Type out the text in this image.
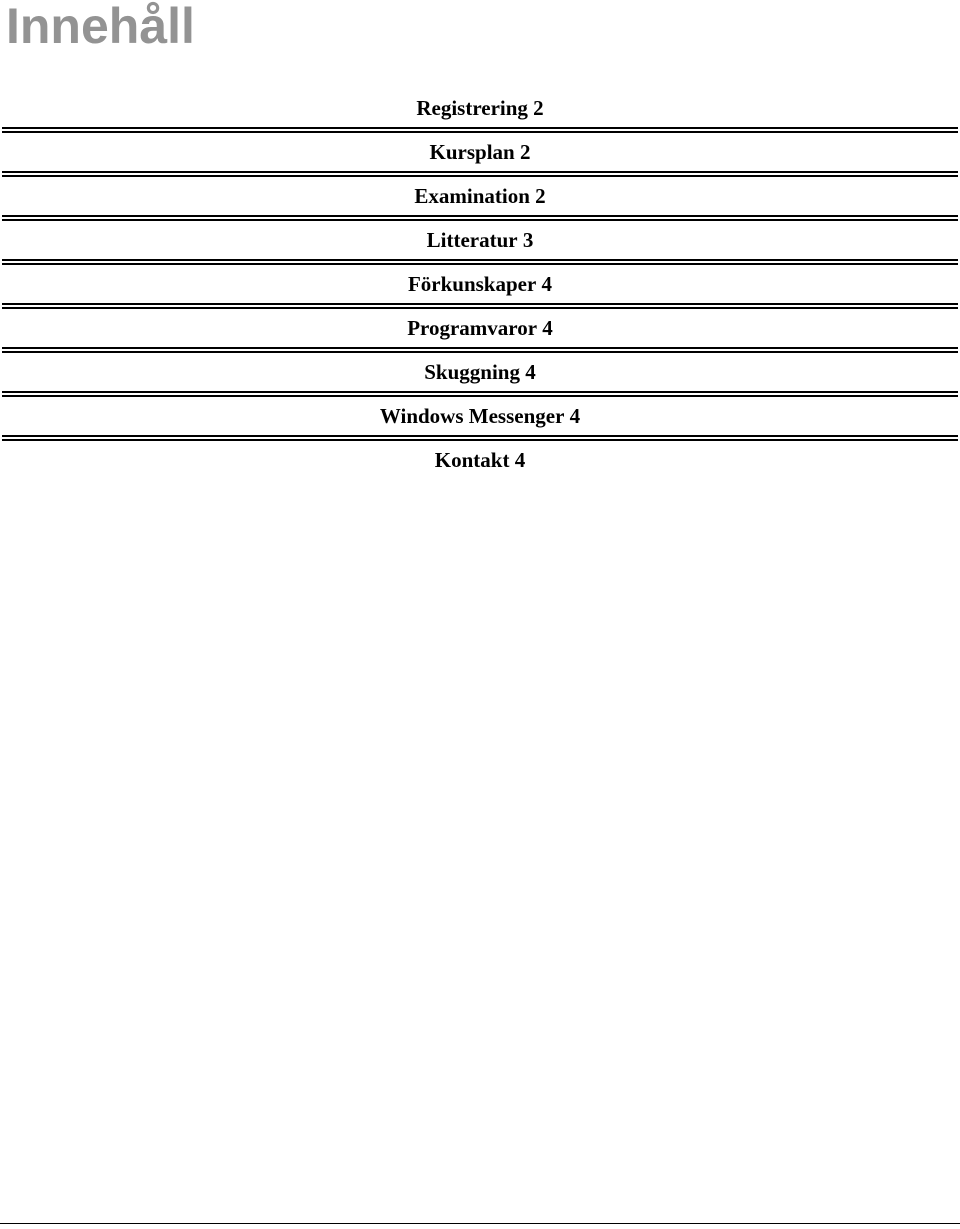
Innehåll
Registrering
2
Kursplan
2
Examination
2
Litteratur
3
Förkunskaper
4
Programvaror
4
Skuggning
4
Windows Messenger
4
Kontakt
4
